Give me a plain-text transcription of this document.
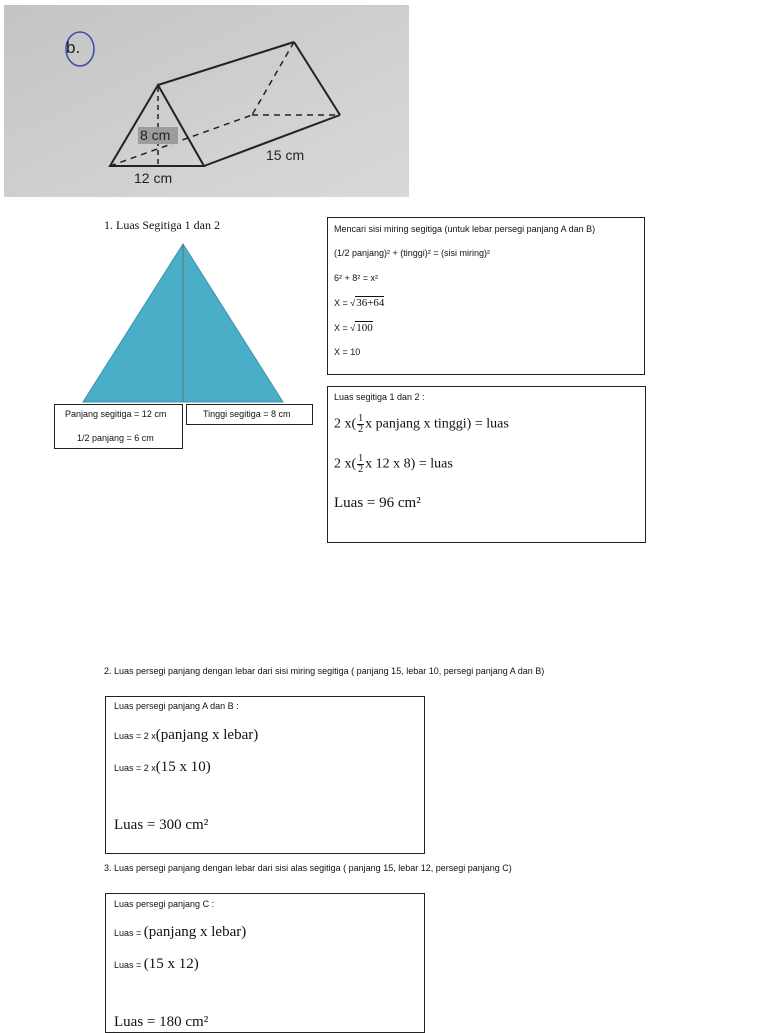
b.
8 cm
15 cm
12 cm
1. Luas Segitiga 1 dan 2
Panjang segitiga = 12 cm
1/2 panjang = 6 cm
Tinggi segitiga = 8 cm
Mencari sisi miring segitiga (untuk lebar persegi panjang A dan B)
(1/2 panjang)² + (tinggi)² = (sisi miring)²
6² + 8² = x²
X = √36+64
X = √100
X = 10
Luas segitiga 1 dan 2 :
2 $x( \frac{1}{2}$ x panjang x tinggi) = luas
2 $x( \frac{1}{2}$ x 12 x 8) = luas
Luas = 96 cm²
2. Luas persegi panjang dengan lebar dari sisi miring segitiga ( panjang 15, lebar 10, persegi panjang A dan B)
Luas persegi panjang A dan B :
Luas = 2 x(panjang x lebar)
Luas = 2 x(15 x 10)
Luas = 300 cm²
3. Luas persegi panjang dengan lebar dari sisi alas segitiga ( panjang 15, lebar 12, persegi panjang C)
Luas persegi panjang C :
Luas = (panjang x lebar)
Luas = (15 x 12)
Luas = 180 cm²
